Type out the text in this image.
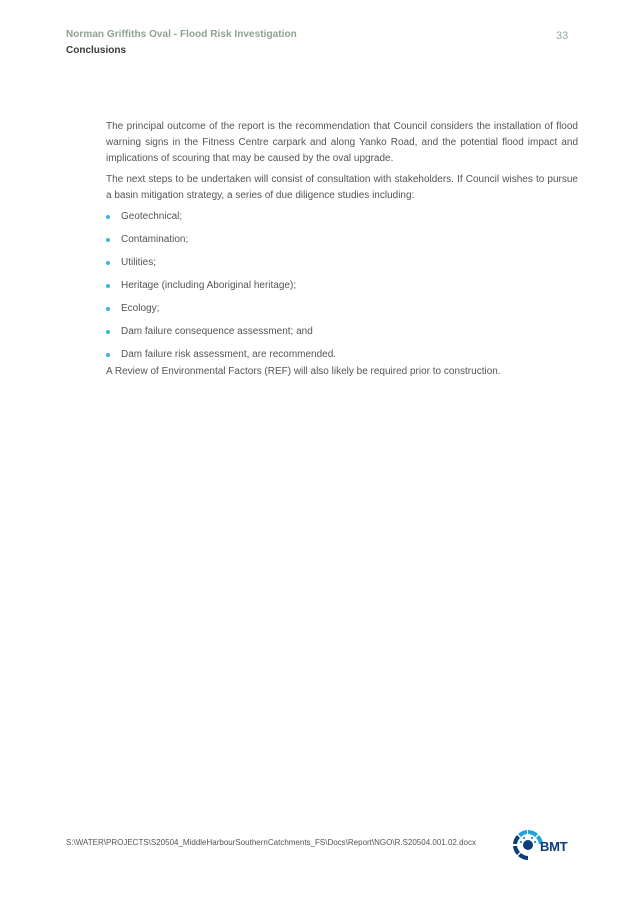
Norman Griffiths Oval - Flood Risk Investigation
Conclusions
33

The principal outcome of the report is the recommendation that Council considers the installation of flood warning signs in the Fitness Centre carpark and along Yanko Road, and the potential flood impact and implications of scouring that may be caused by the oval upgrade.

The next steps to be undertaken will consist of consultation with stakeholders. If Council wishes to pursue a basin mitigation strategy, a series of due diligence studies including:

Geotechnical;
Contamination;
Utilities;
Heritage (including Aboriginal heritage);
Ecology;
Dam failure consequence assessment; and
Dam failure risk assessment, are recommended.

A Review of Environmental Factors (REF) will also likely be required prior to construction.

S:\WATER\PROJECTS\S20504_MiddleHarbourSouthernCatchments_FS\Docs\Report\NGO\R.S20504.001.02.docx	BMT
